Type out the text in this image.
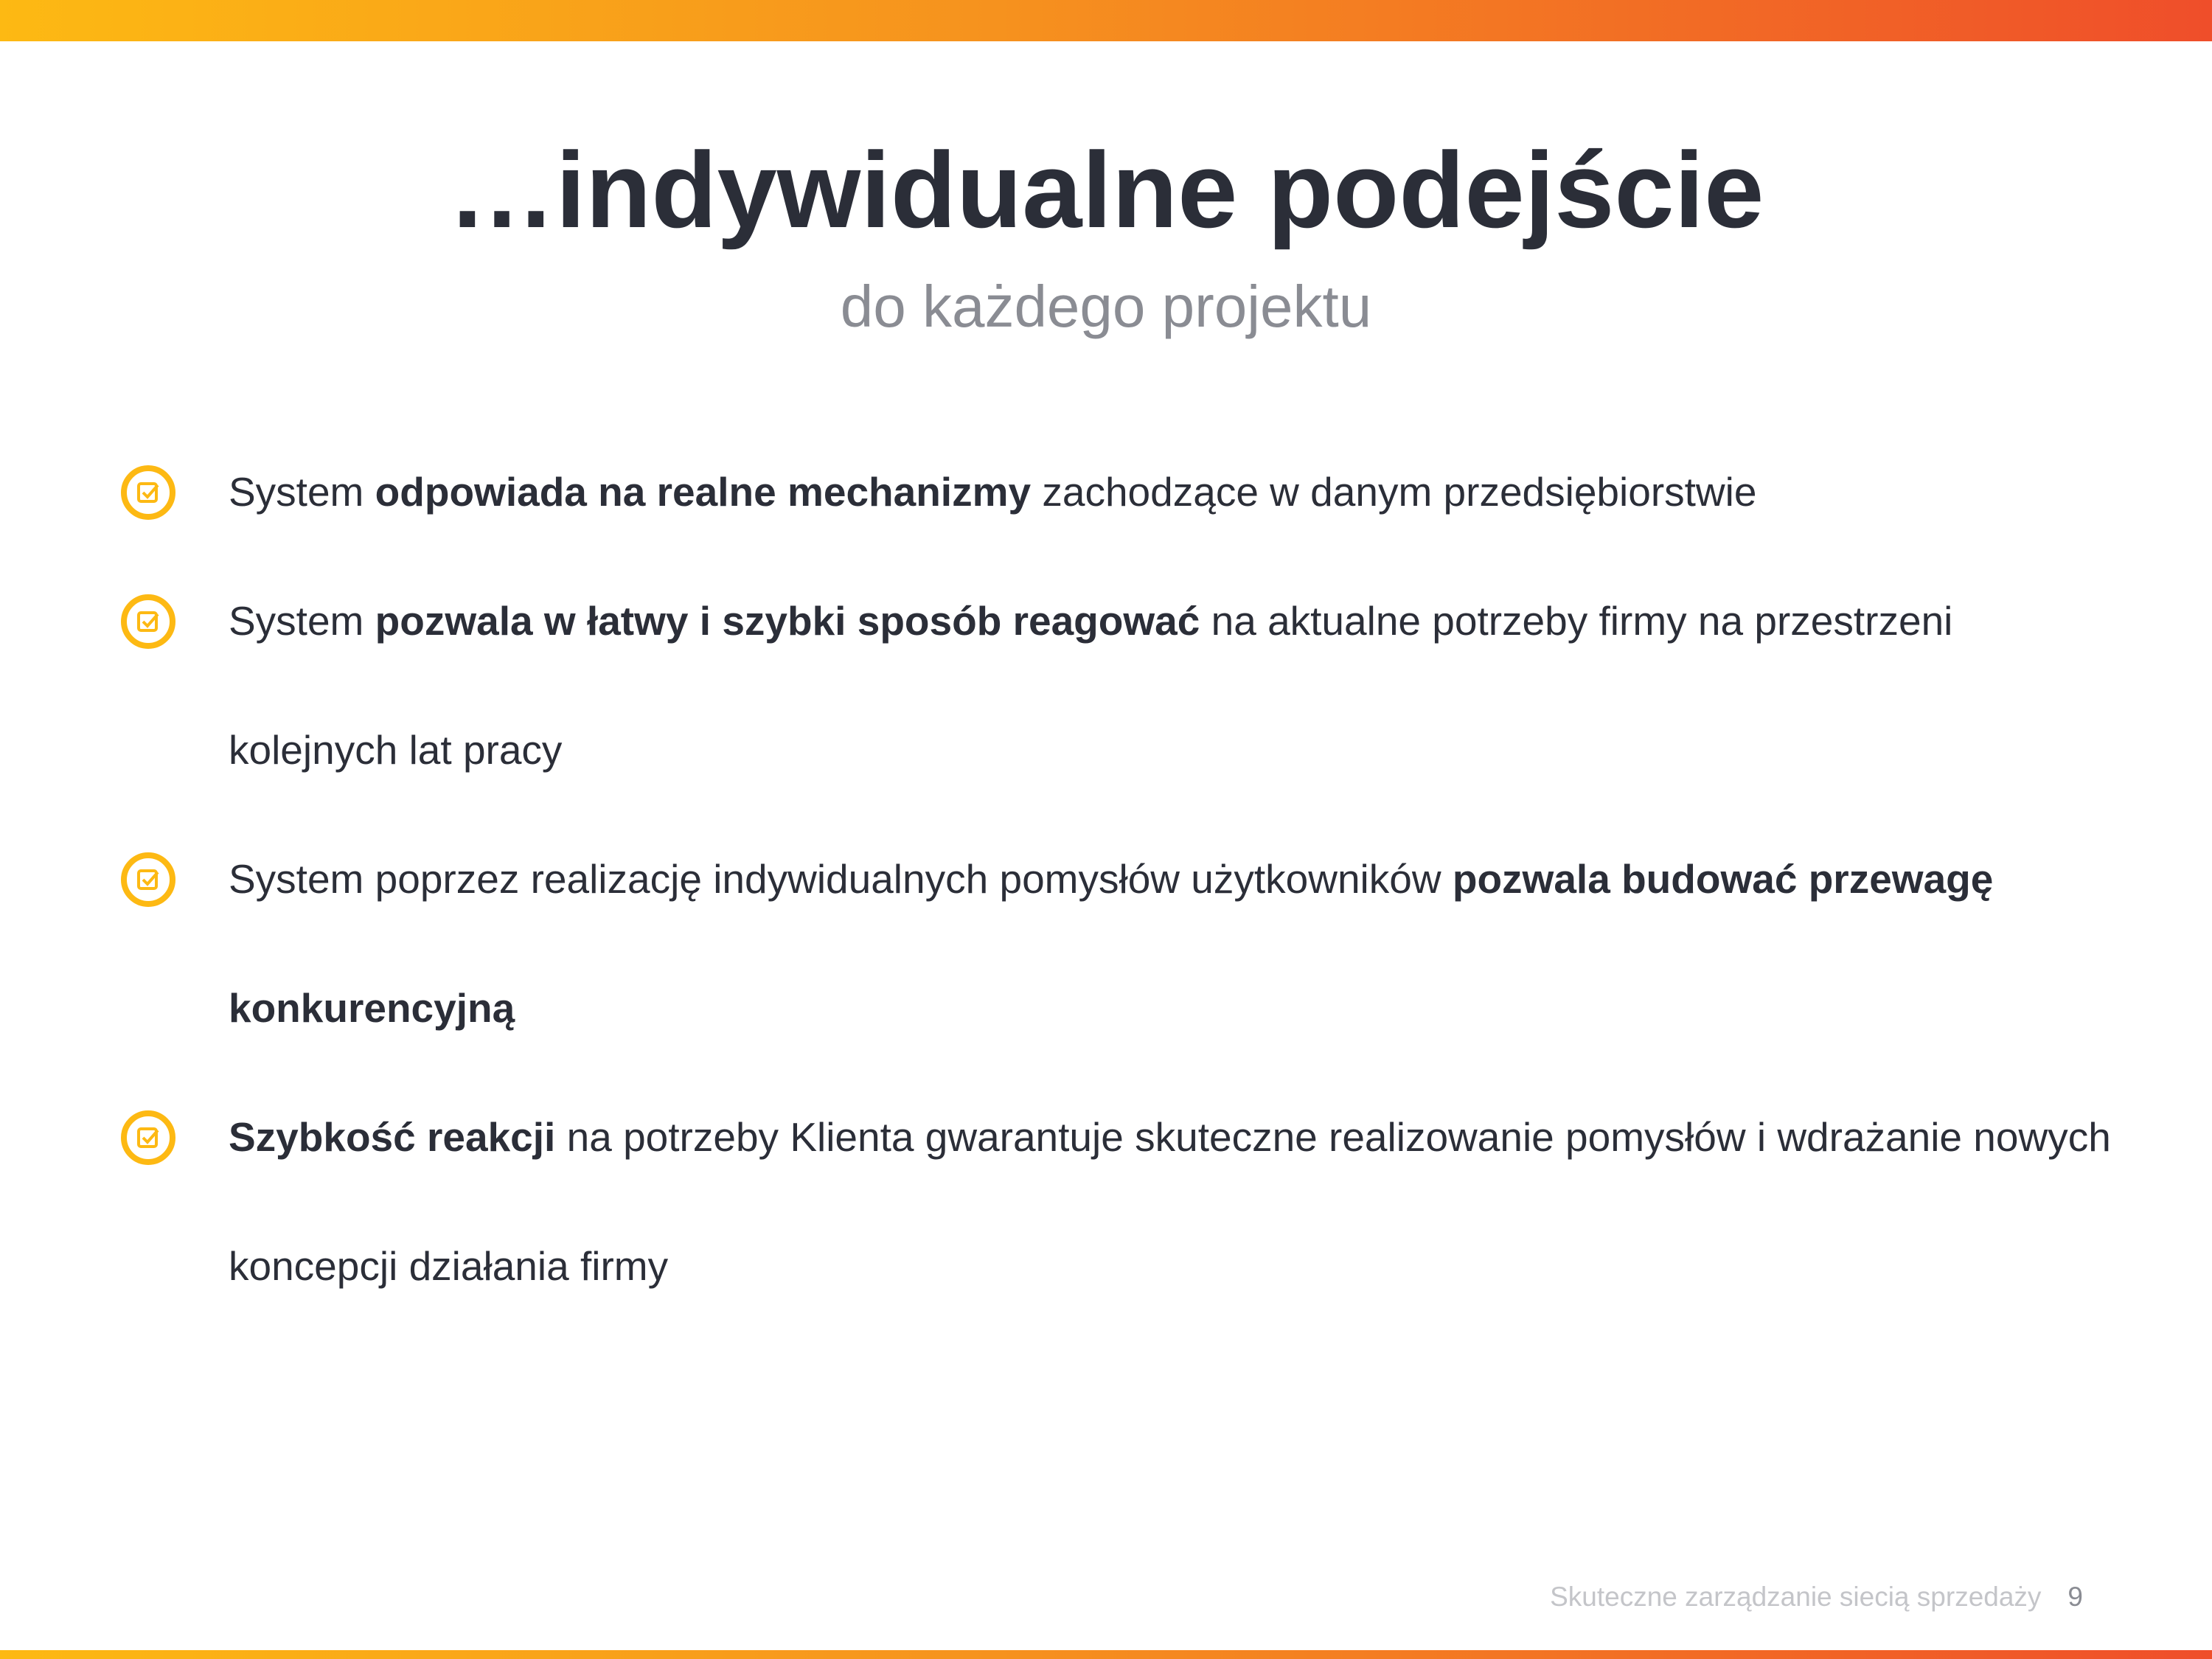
…indywidualne podejście
do każdego projektu
System odpowiada na realne mechanizmy zachodzące w danym przedsiębiorstwie
System pozwala w łatwy i szybki sposób reagować na aktualne potrzeby firmy na przestrzeni kolejnych lat pracy
System poprzez realizację indywidualnych pomysłów użytkowników pozwala budować przewagę konkurencyjną
Szybkość reakcji na potrzeby Klienta gwarantuje skuteczne realizowanie pomysłów i wdrażanie nowych koncepcji działania firmy
Skuteczne zarządzanie siecią sprzedaży 9
